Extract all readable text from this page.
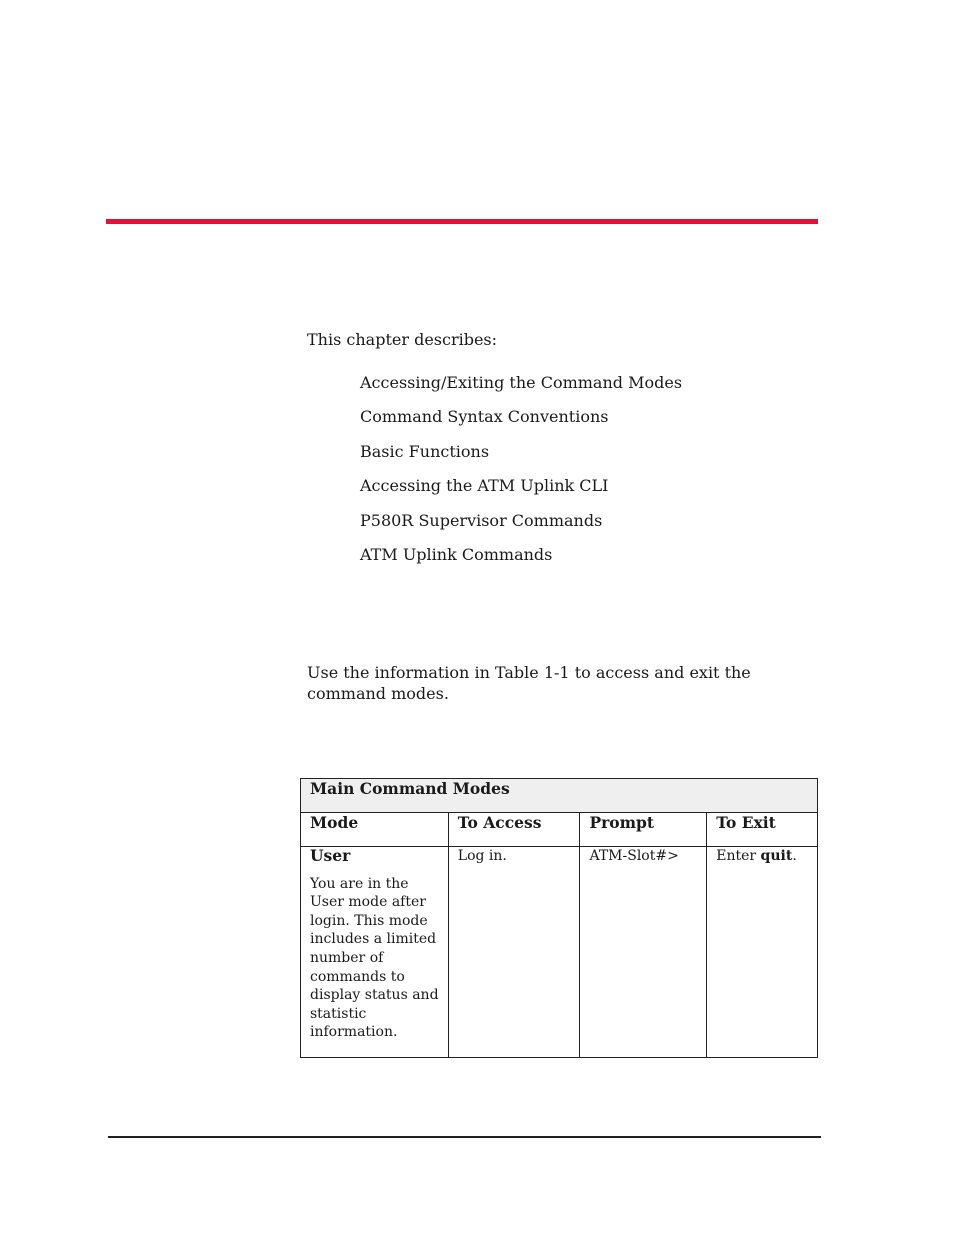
This chapter describes:

Accessing/Exiting the Command Modes
Command Syntax Conventions
Basic Functions
Accessing the ATM Uplink CLI
P580R Supervisor Commands
ATM Uplink Commands

Use the information in Table 1-1 to access and exit the command modes.

Main Command Modes			
Mode	To Access	Prompt	To Exit

User
You are in the User mode after login. This mode includes a limited number of commands to display status and statistic information.	Log in.	ATM-Slot#>	Enter quit.
